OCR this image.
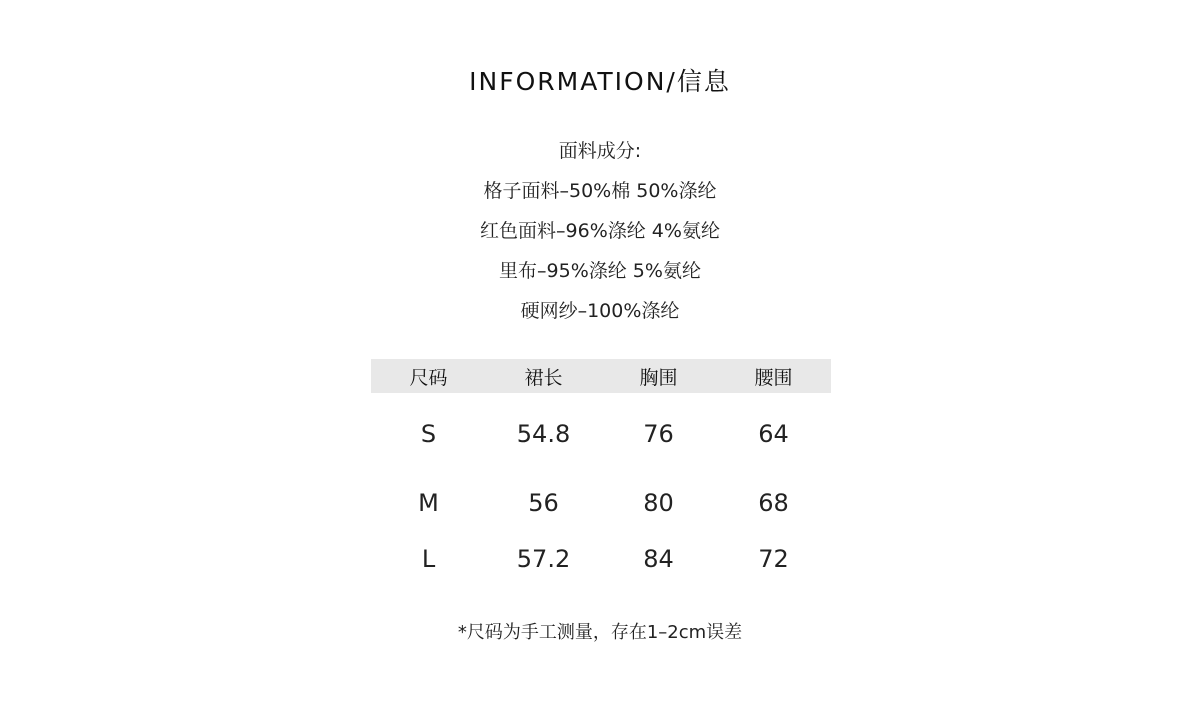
INFORMATION/信息
面料成分:
格子面料–50%棉 50%涤纶
红色面料–96%涤纶 4%氨纶
里布–95%涤纶 5%氨纶
硬网纱–100%涤纶
尺码	裙长	胸围	腰围
S	54.8	76	64
M	56	80	68
L	57.2	84	72
*尺码为手工测量，存在1–2cm误差
